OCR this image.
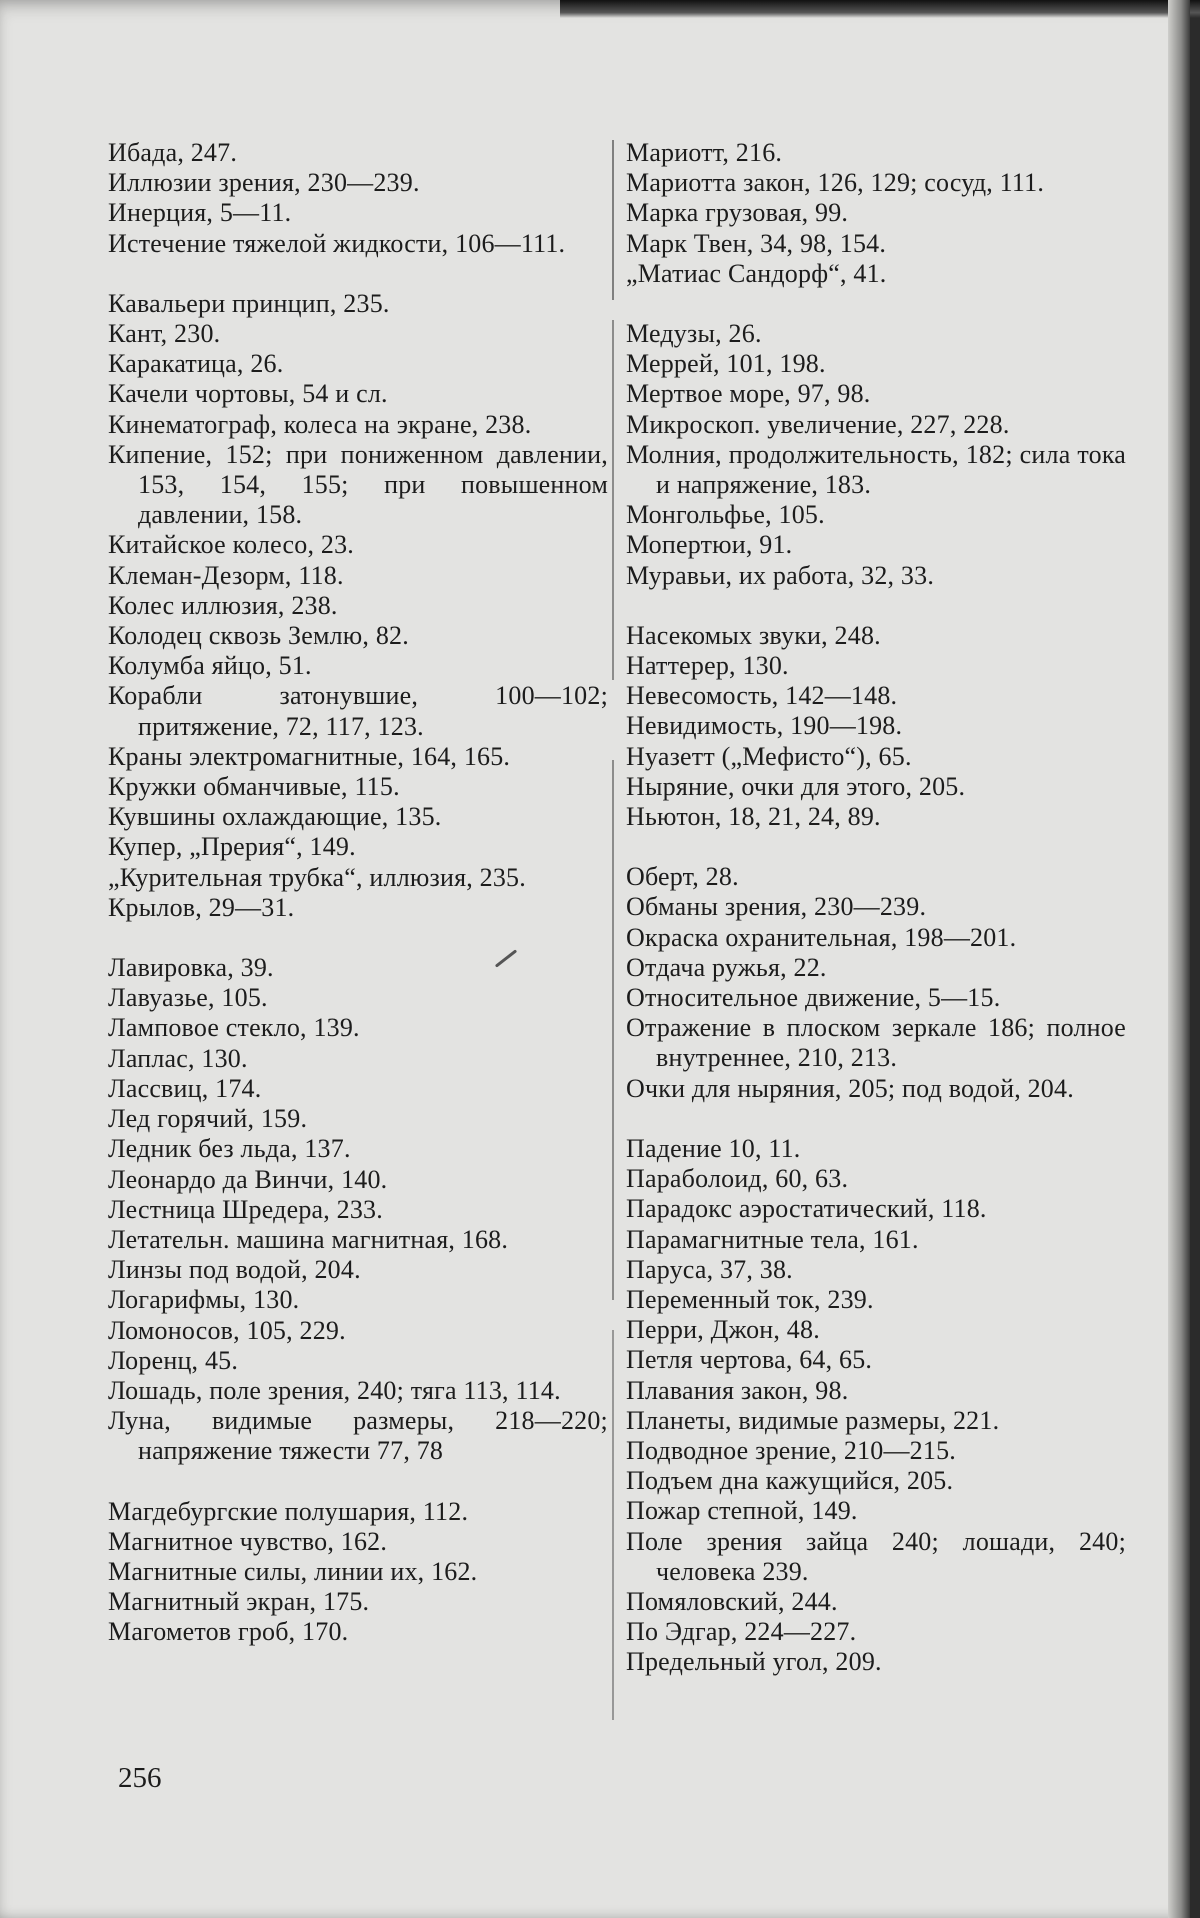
Ибада, 247.

Иллюзии зрения, 230—239.

Инерция, 5—11.

Истечение тяжелой жидкости, 106—111.

Кавальери принцип, 235.

Кант, 230.

Каракатица, 26.

Качели чортовы, 54 и сл.

Кинематограф, колеса на экране, 238.

Кипение, 152; при пониженном давлении, 153, 154, 155; при повышенном давлении, 158.

Китайское колесо, 23.

Клеман-Дезорм, 118.

Колес иллюзия, 238.

Колодец сквозь Землю, 82.

Колумба яйцо, 51.

Корабли затонувшие, 100—102; притяжение, 72, 117, 123.

Краны электромагнитные, 164, 165.

Кружки обманчивые, 115.

Кувшины охлаждающие, 135.

Купер, „Прерия“, 149.

„Курительная трубка“, иллюзия, 235.

Крылов, 29—31.

Лавировка, 39.

Лавуазье, 105.

Ламповое стекло, 139.

Лаплас, 130.

Лассвиц, 174.

Лед горячий, 159.

Ледник без льда, 137.

Леонардо да Винчи, 140.

Лестница Шредера, 233.

Летательн. машина магнитная, 168.

Линзы под водой, 204.

Логарифмы, 130.

Ломоносов, 105, 229.

Лоренц, 45.

Лошадь, поле зрения, 240; тяга 113, 114.

Луна, видимые размеры, 218—220; напряжение тяжести 77, 78

Магдебургские полушария, 112.

Магнитное чувство, 162.

Магнитные силы, линии их, 162.

Магнитный экран, 175.

Магометов гроб, 170.

Мариотт, 216.

Мариотта закон, 126, 129; сосуд, 111.

Марка грузовая, 99.

Марк Твен, 34, 98, 154.

„Матиас Сандорф“, 41.

Медузы, 26.

Меррей, 101, 198.

Мертвое море, 97, 98.

Микроскоп. увеличение, 227, 228.

Молния, продолжительность, 182; сила тока и напряжение, 183.

Монгольфье, 105.

Мопертюи, 91.

Муравьи, их работа, 32, 33.

Насекомых звуки, 248.

Наттерер, 130.

Невесомость, 142—148.

Невидимость, 190—198.

Нуазетт („Мефисто“), 65.

Ныряние, очки для этого, 205.

Ньютон, 18, 21, 24, 89.

Оберт, 28.

Обманы зрения, 230—239.

Окраска охранительная, 198—201.

Отдача ружья, 22.

Относительное движение, 5—15.

Отражение в плоском зеркале 186; полное внутреннее, 210, 213.

Очки для ныряния, 205; под водой, 204.

Падение 10, 11.

Параболоид, 60, 63.

Парадокс аэростатический, 118.

Парамагнитные тела, 161.

Паруса, 37, 38.

Переменный ток, 239.

Перри, Джон, 48.

Петля чертова, 64, 65.

Плавания закон, 98.

Планеты, видимые размеры, 221.

Подводное зрение, 210—215.

Подъем дна кажущийся, 205.

Пожар степной, 149.

Поле зрения зайца 240; лошади, 240; человека 239.

Помяловский, 244.

По Эдгар, 224—227.

Предельный угол, 209.

256
